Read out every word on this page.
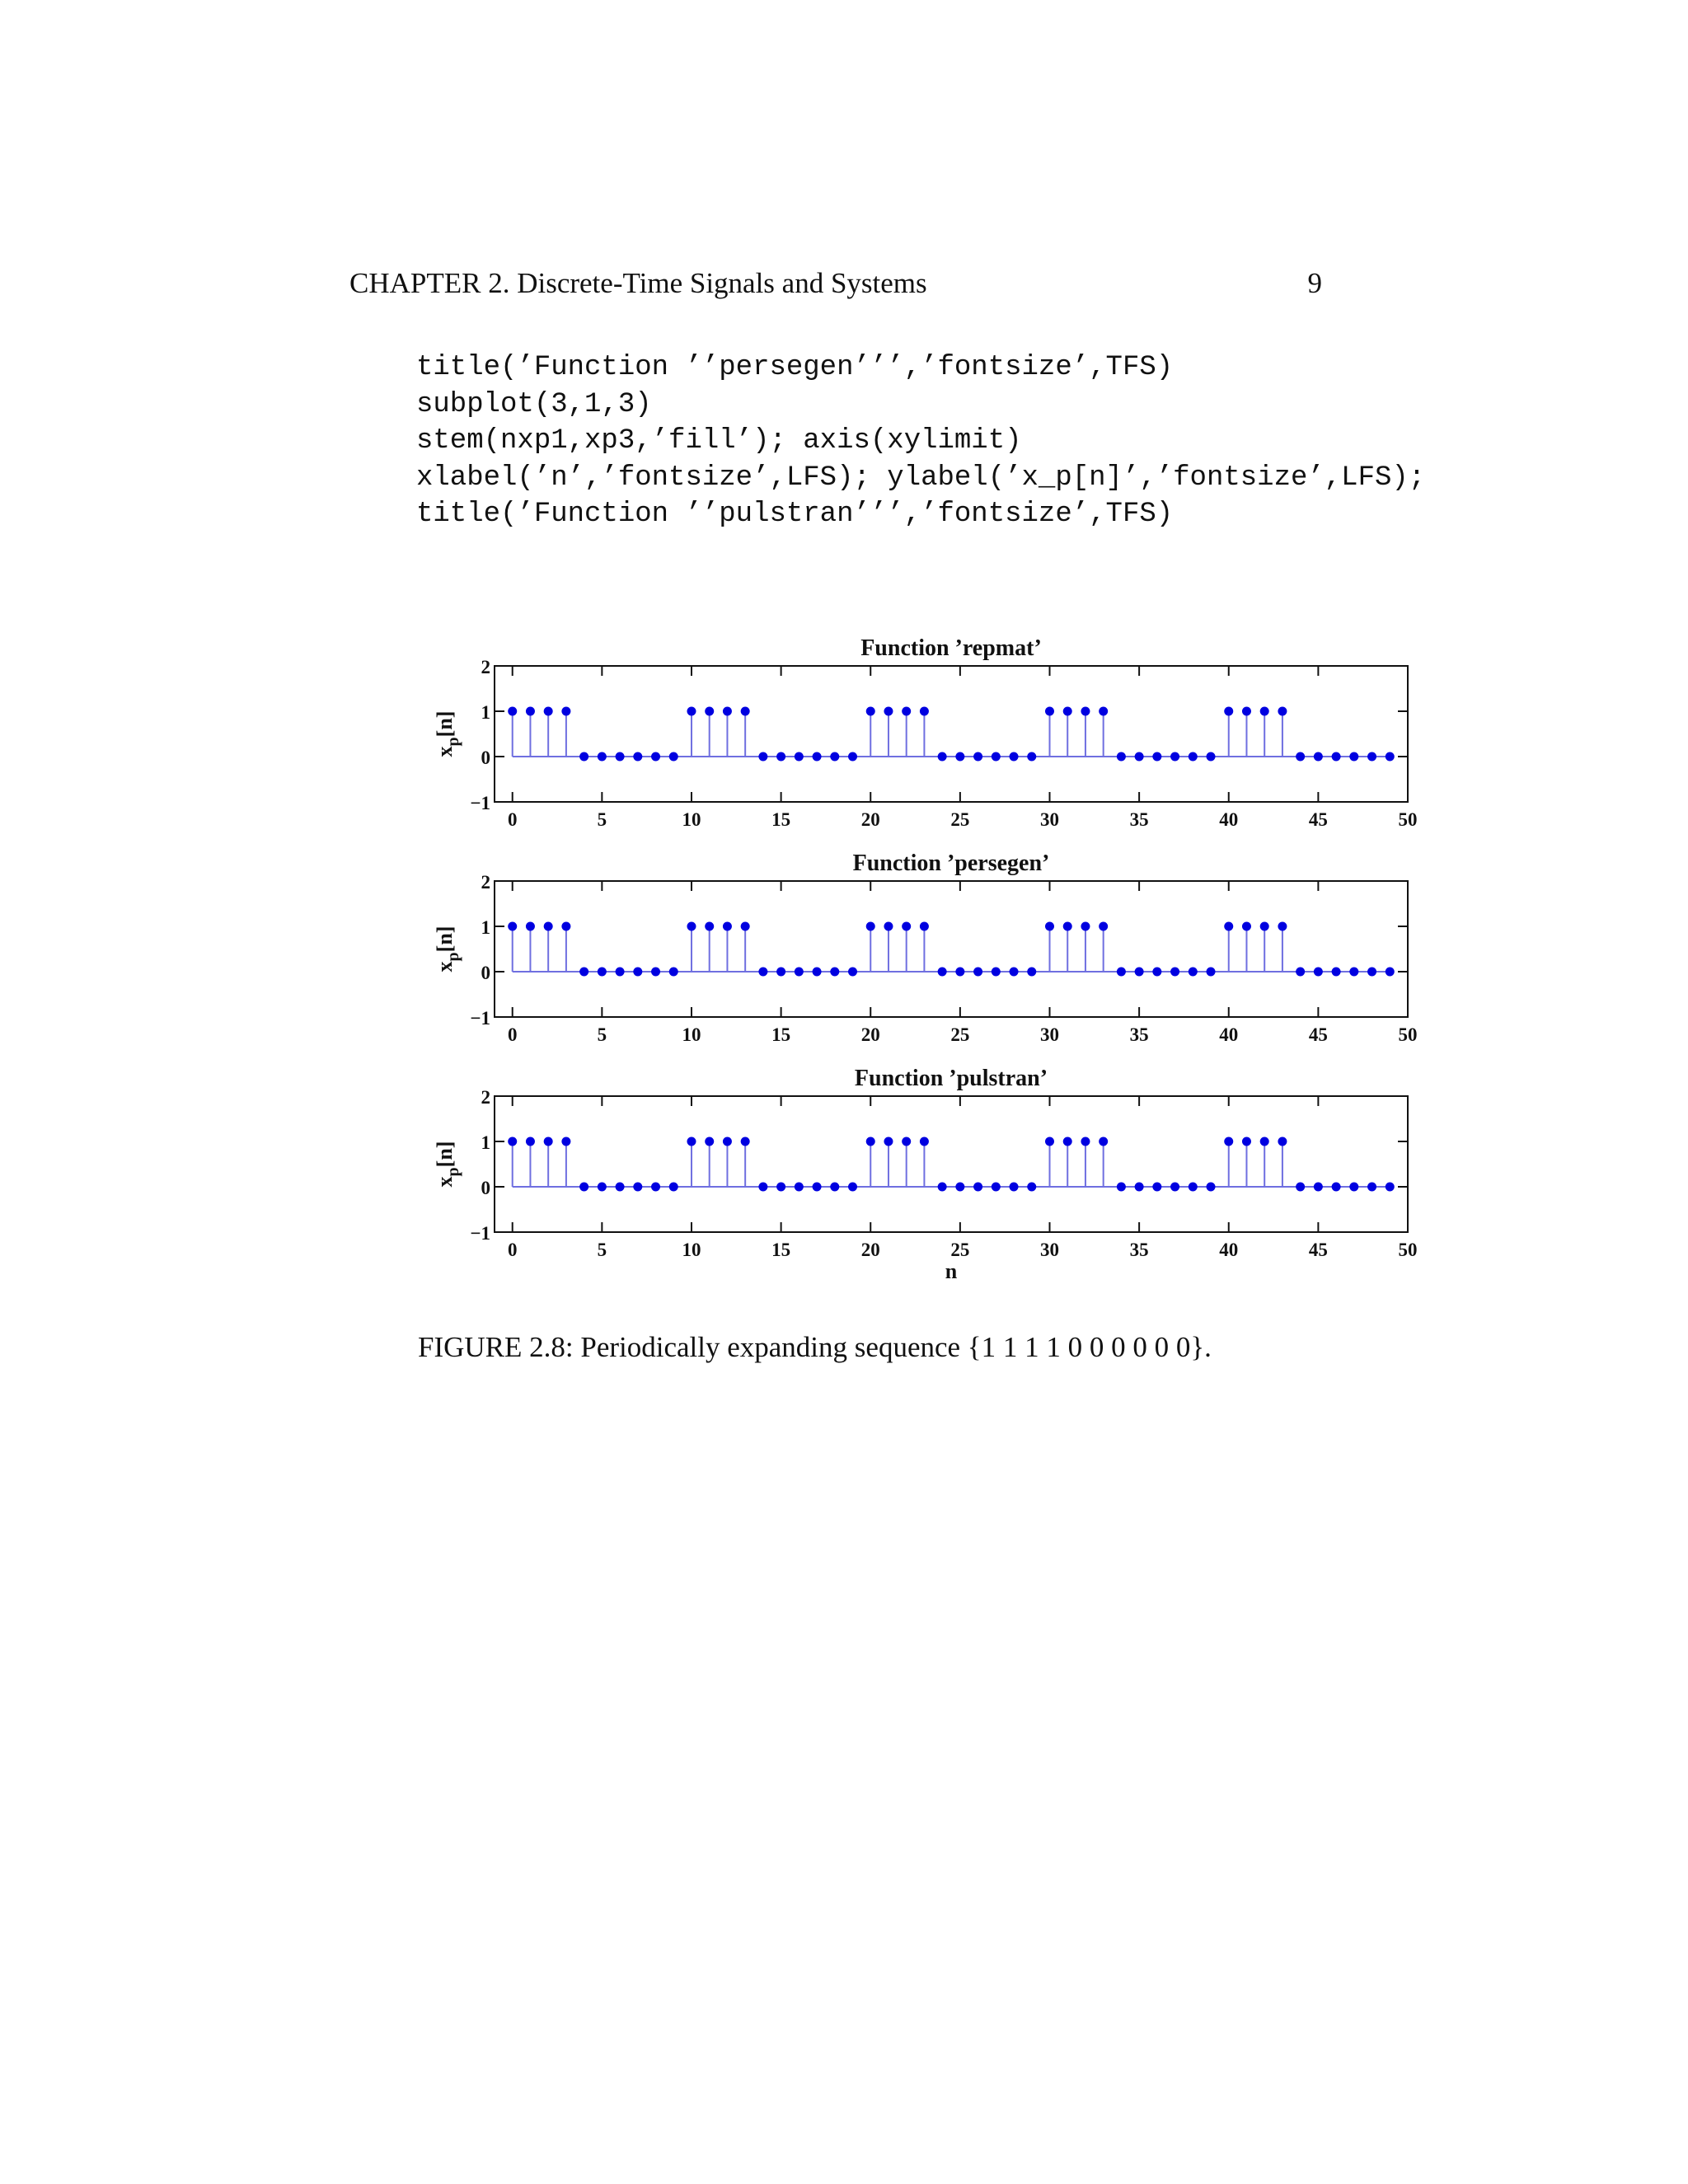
CHAPTER 2. Discrete-Time Signals and Systems	9
title(’Function ’’persegen’’’,’fontsize’,TFS)
subplot(3,1,3)
stem(nxp1,xp3,’fill’); axis(xylimit)
xlabel(’n’,’fontsize’,LFS); ylabel(’x_p[n]’,’fontsize’,LFS);
title(’Function ’’pulstran’’’,’fontsize’,TFS)
Function ’repmat’
2
1
0
−1
0	5	10	15	20	25	30	35	40	45	50
$x_p[n]$
Function ’persegen’
2
1
0
−1
0	5	10	15	20	25	30	35	40	45	50
$x_p[n]$
Function ’pulstran’
2
1
0
−1
0	5	10	15	20	25	30	35	40	45	50
$x_p[n]$
n
FIGURE 2.8: Periodically expanding sequence {1 1 1 1 0 0 0 0 0 0}.
